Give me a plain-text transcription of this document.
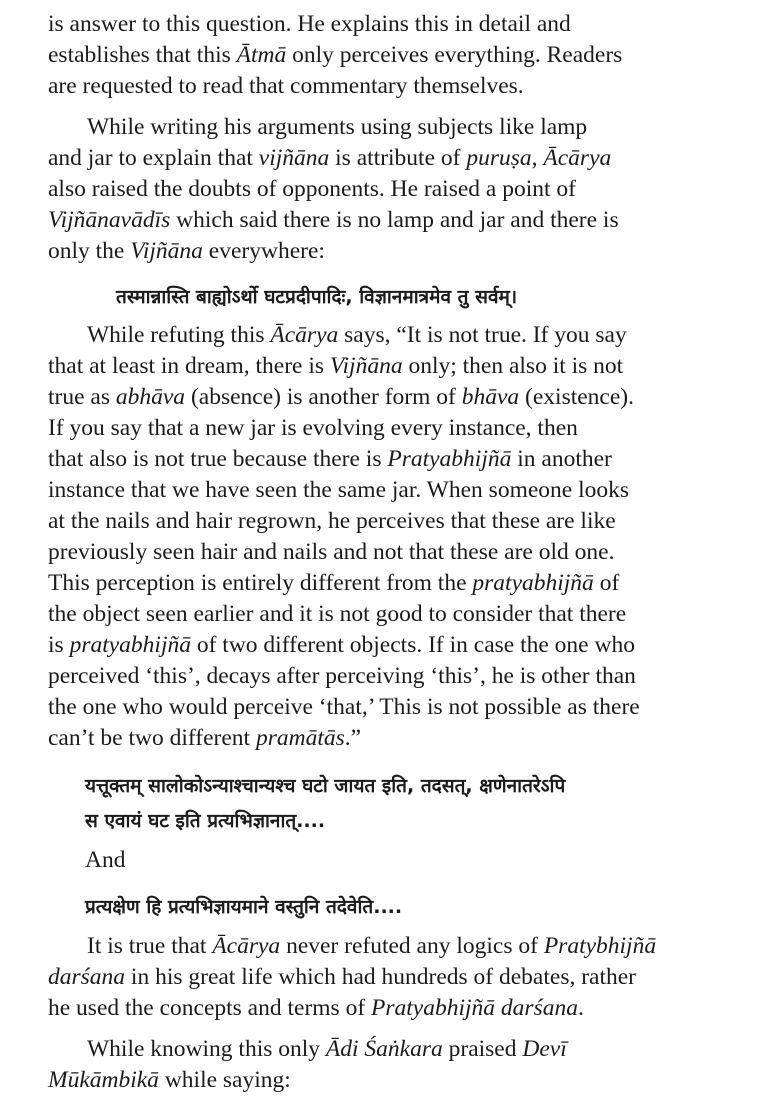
is answer to this question. He explains this in detail and
establishes that this Ātmā only perceives everything. Readers
are requested to read that commentary themselves.
While writing his arguments using subjects like lamp
and jar to explain that vijñāna is attribute of puruṣa, Ācārya
also raised the doubts of opponents. He raised a point of
Vijñānavādīs which said there is no lamp and jar and there is
only the Vijñāna everywhere:
तस्मान्नास्ति बाह्योऽर्थो घटप्रदीपादिः, विज्ञानमात्रमेव तु सर्वम्।
While refuting this Ācārya says, “It is not true. If you say
that at least in dream, there is Vijñāna only; then also it is not
true as abhāva (absence) is another form of bhāva (existence).
If you say that a new jar is evolving every instance, then
that also is not true because there is Pratyabhijñā in another
instance that we have seen the same jar. When someone looks
at the nails and hair regrown, he perceives that these are like
previously seen hair and nails and not that these are old one.
This perception is entirely different from the pratyabhijñā of
the object seen earlier and it is not good to consider that there
is pratyabhijñā of two different objects. If in case the one who
perceived ‘this’, decays after perceiving ‘this’, he is other than
the one who would perceive ‘that,’ This is not possible as there
can’t be two different pramātās.”
यत्तूक्तम् सालोकोऽन्याश्चान्यश्च घटो जायत इति, तदसत्, क्षणेनातरेऽपि
स एवायं घट इति प्रत्यभिज्ञानात्....
And
प्रत्यक्षेण हि प्रत्यभिज्ञायमाने वस्तुनि तदेवेति....
It is true that Ācārya never refuted any logics of Pratybhijñā
darśana in his great life which had hundreds of debates, rather
he used the concepts and terms of Pratyabhijñā darśana.
While knowing this only Ādi Śaṅkara praised Devī
Mūkāmbikā while saying:
